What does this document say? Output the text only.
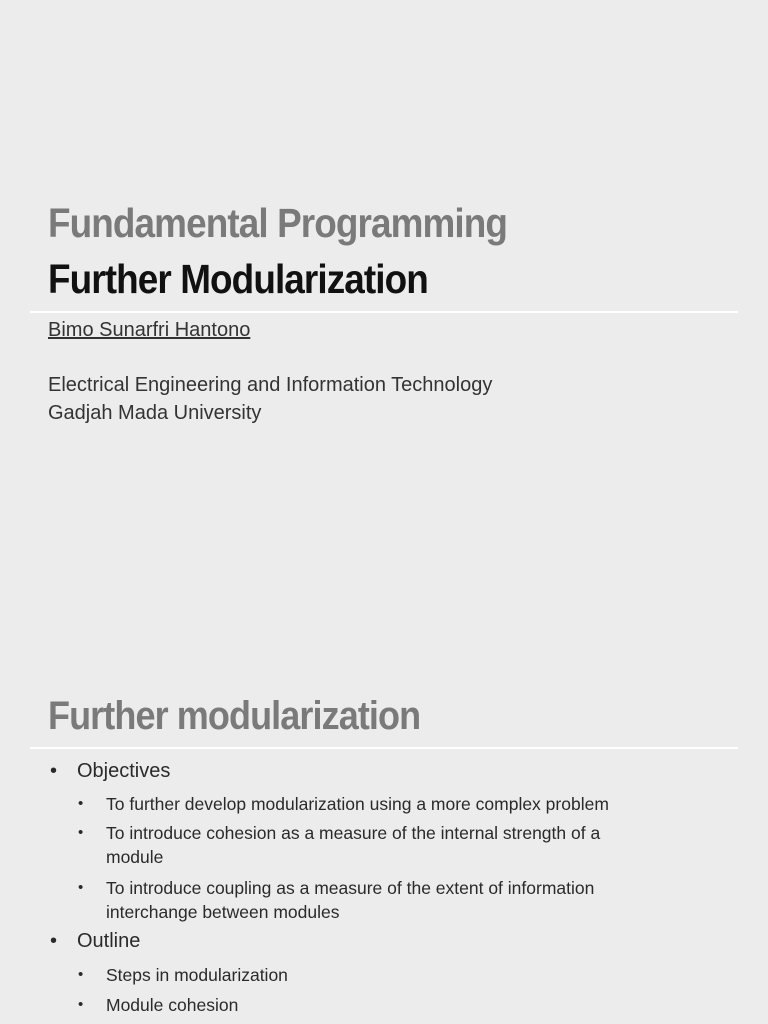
Fundamental Programming
Further Modularization
Bimo Sunarfri Hantono
Electrical Engineering and Information Technology
Gadjah Mada University
Further modularization
• Objectives
• To further develop modularization using a more complex problem
• To introduce cohesion as a measure of the internal strength of a
module
• To introduce coupling as a measure of the extent of information
interchange between modules
• Outline
• Steps in modularization
• Module cohesion
